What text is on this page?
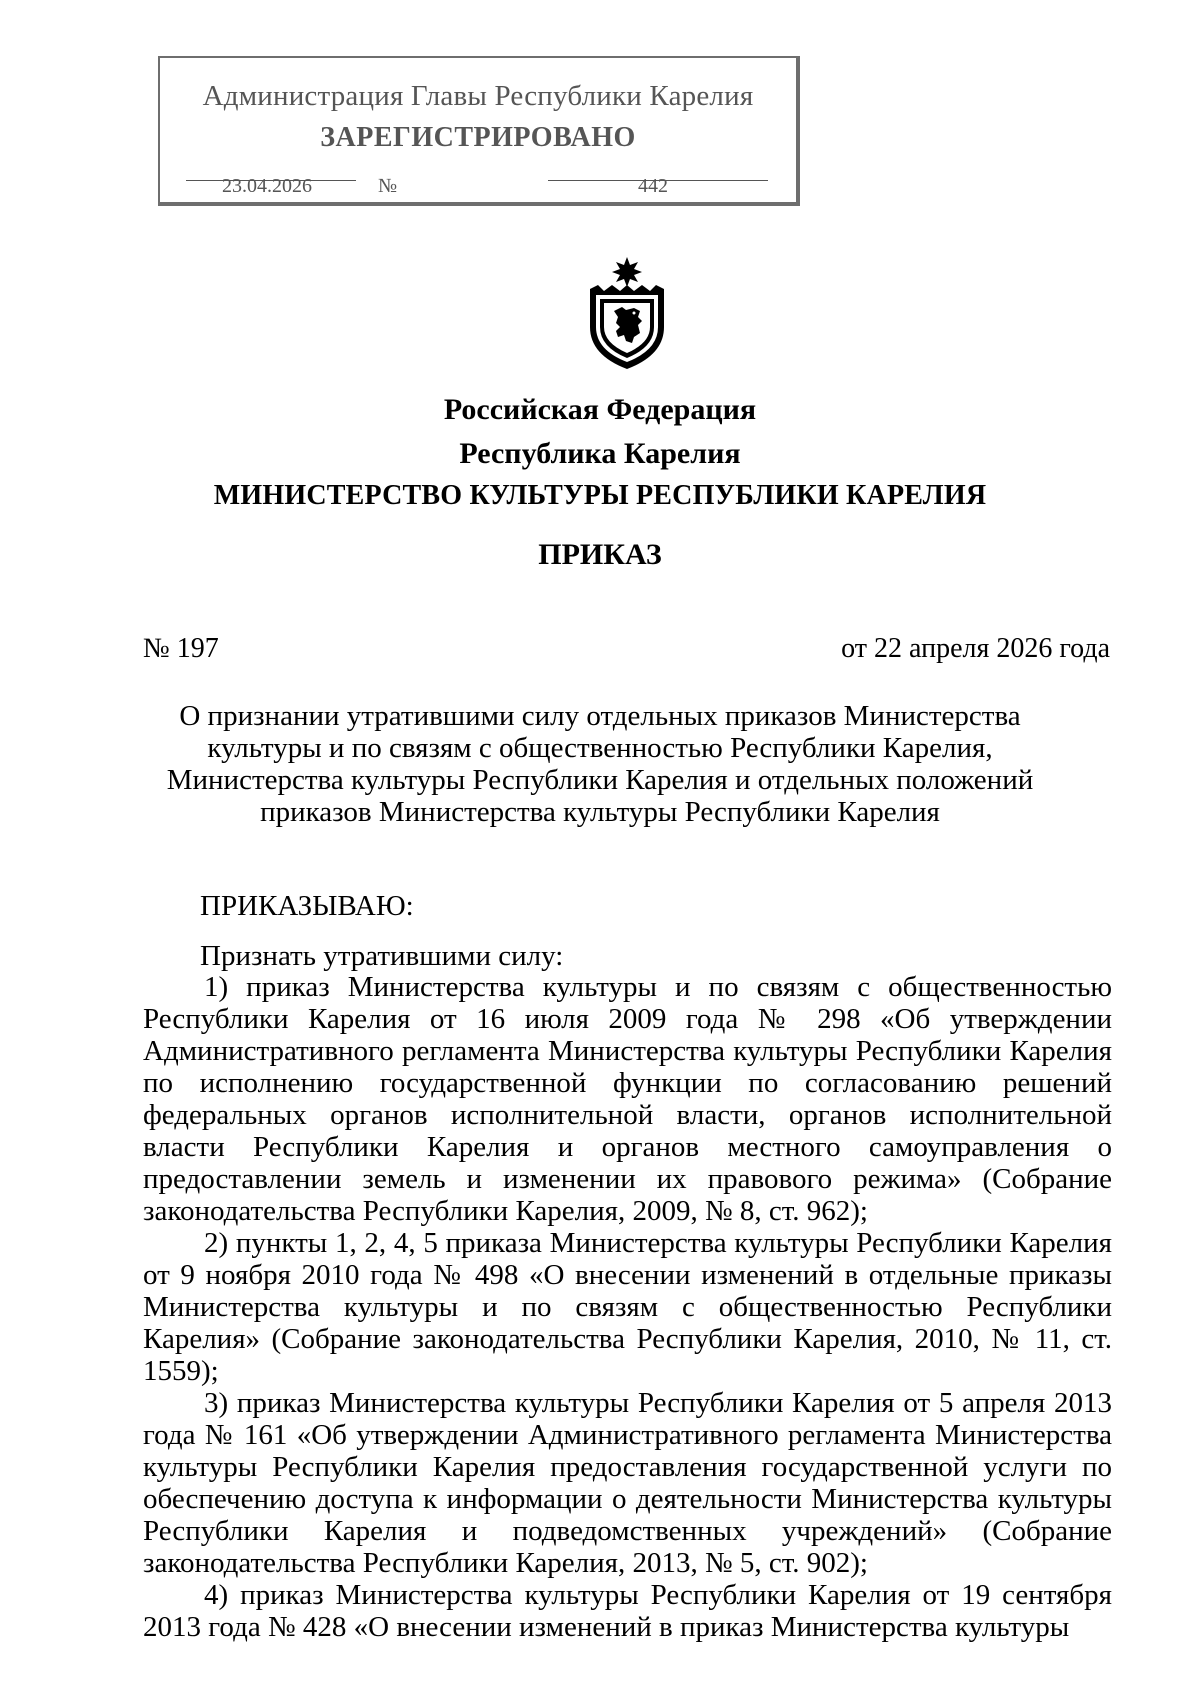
Администрация Главы Республики Карелия
ЗАРЕГИСТРИРОВАНО
23.04.2026	№	442
Российская Федерация
Республика Карелия
МИНИСТЕРСТВО КУЛЬТУРЫ РЕСПУБЛИКИ КАРЕЛИЯ
ПРИКАЗ
№ 197	от 22 апреля 2026 года
О признании утратившими силу отдельных приказов Министерства
культуры и по связям с общественностью Республики Карелия,
Министерства культуры Республики Карелия и отдельных положений
приказов Министерства культуры Республики Карелия
ПРИКАЗЫВАЮ:
Признать утратившими силу:

1) приказ Министерства культуры и по связям с общественностью Республики Карелия от 16 июля 2009 года № 298 «Об утверждении Административного регламента Министерства культуры Республики Карелия по исполнению государственной функции по согласованию решений федеральных органов исполнительной власти, органов исполнительной власти Республики Карелия и органов местного самоуправления о предоставлении земель и изменении их правового режима» (Собрание законодательства Республики Карелия, 2009, № 8, ст. 962);

2) пункты 1, 2, 4, 5 приказа Министерства культуры Республики Карелия от 9 ноября 2010 года № 498 «О внесении изменений в отдельные приказы Министерства культуры и по связям с общественностью Республики Карелия» (Собрание законодательства Республики Карелия, 2010, № 11, ст. 1559);

3) приказ Министерства культуры Республики Карелия от 5 апреля 2013 года № 161 «Об утверждении Административного регламента Министерства культуры Республики Карелия предоставления государственной услуги по обеспечению доступа к информации о деятельности Министерства культуры Республики Карелия и подведомственных учреждений» (Собрание законодательства Республики Карелия, 2013, № 5, ст. 902);

4) приказ Министерства культуры Республики Карелия от 19 сентября 2013 года № 428 «О внесении изменений в приказ Министерства культуры
